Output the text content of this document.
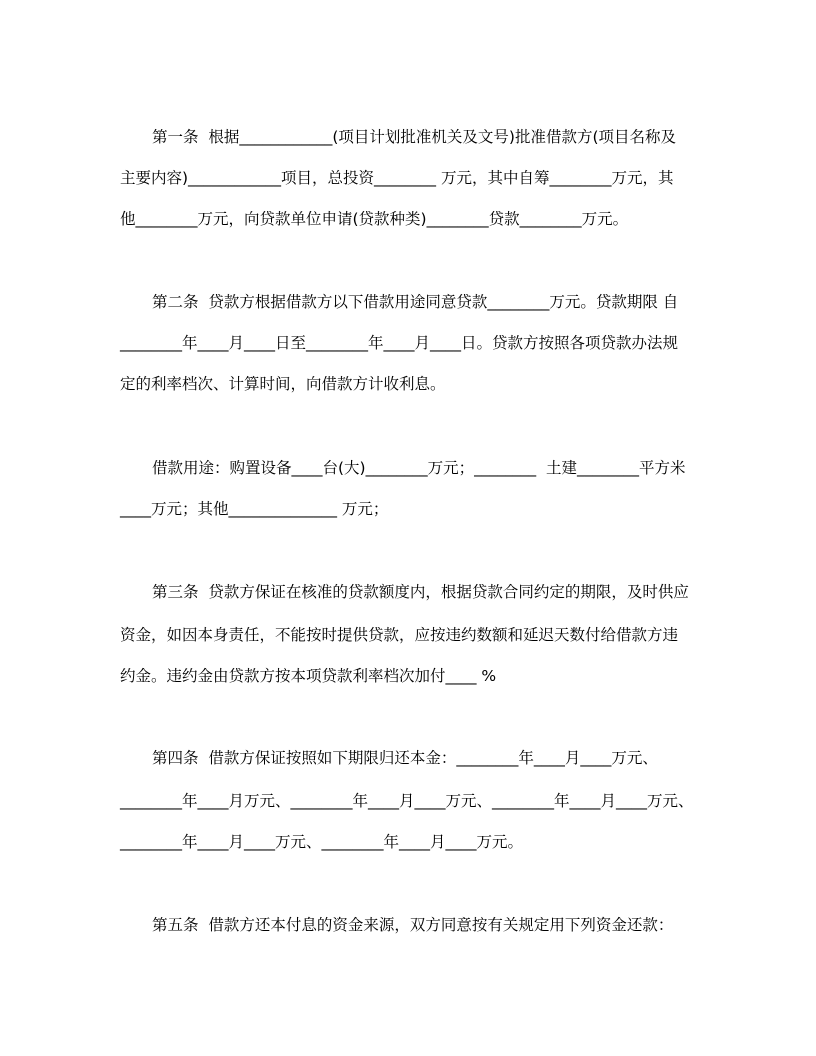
第一条  根据____________(项目计划批准机关及文号)批准借款方(项目名称及

主要内容)____________项目，总投资________ 万元，其中自筹________万元，其

他________万元，向贷款单位申请(贷款种类)________贷款________万元。

第二条  贷款方根据借款方以下借款用途同意贷款________万元。贷款期限 自

________年____月____日至________年____月____日。贷款方按照各项贷款办法规

定的利率档次、计算时间，向借款方计收利息。

借款用途：购置设备____台(大)________万元；________  土建________平方米

____万元；其他______________ 万元；

第三条  贷款方保证在核准的贷款额度内，根据贷款合同约定的期限，及时供应

资金，如因本身责任，不能按时提供贷款，应按违约数额和延迟天数付给借款方违

约金。违约金由贷款方按本项贷款利率档次加付____ %

第四条  借款方保证按照如下期限归还本金：________年____月____万元、

________年____月万元、________年____月____万元、________年____月____万元、

________年____月____万元、________年____月____万元。

第五条  借款方还本付息的资金来源，双方同意按有关规定用下列资金还款：
